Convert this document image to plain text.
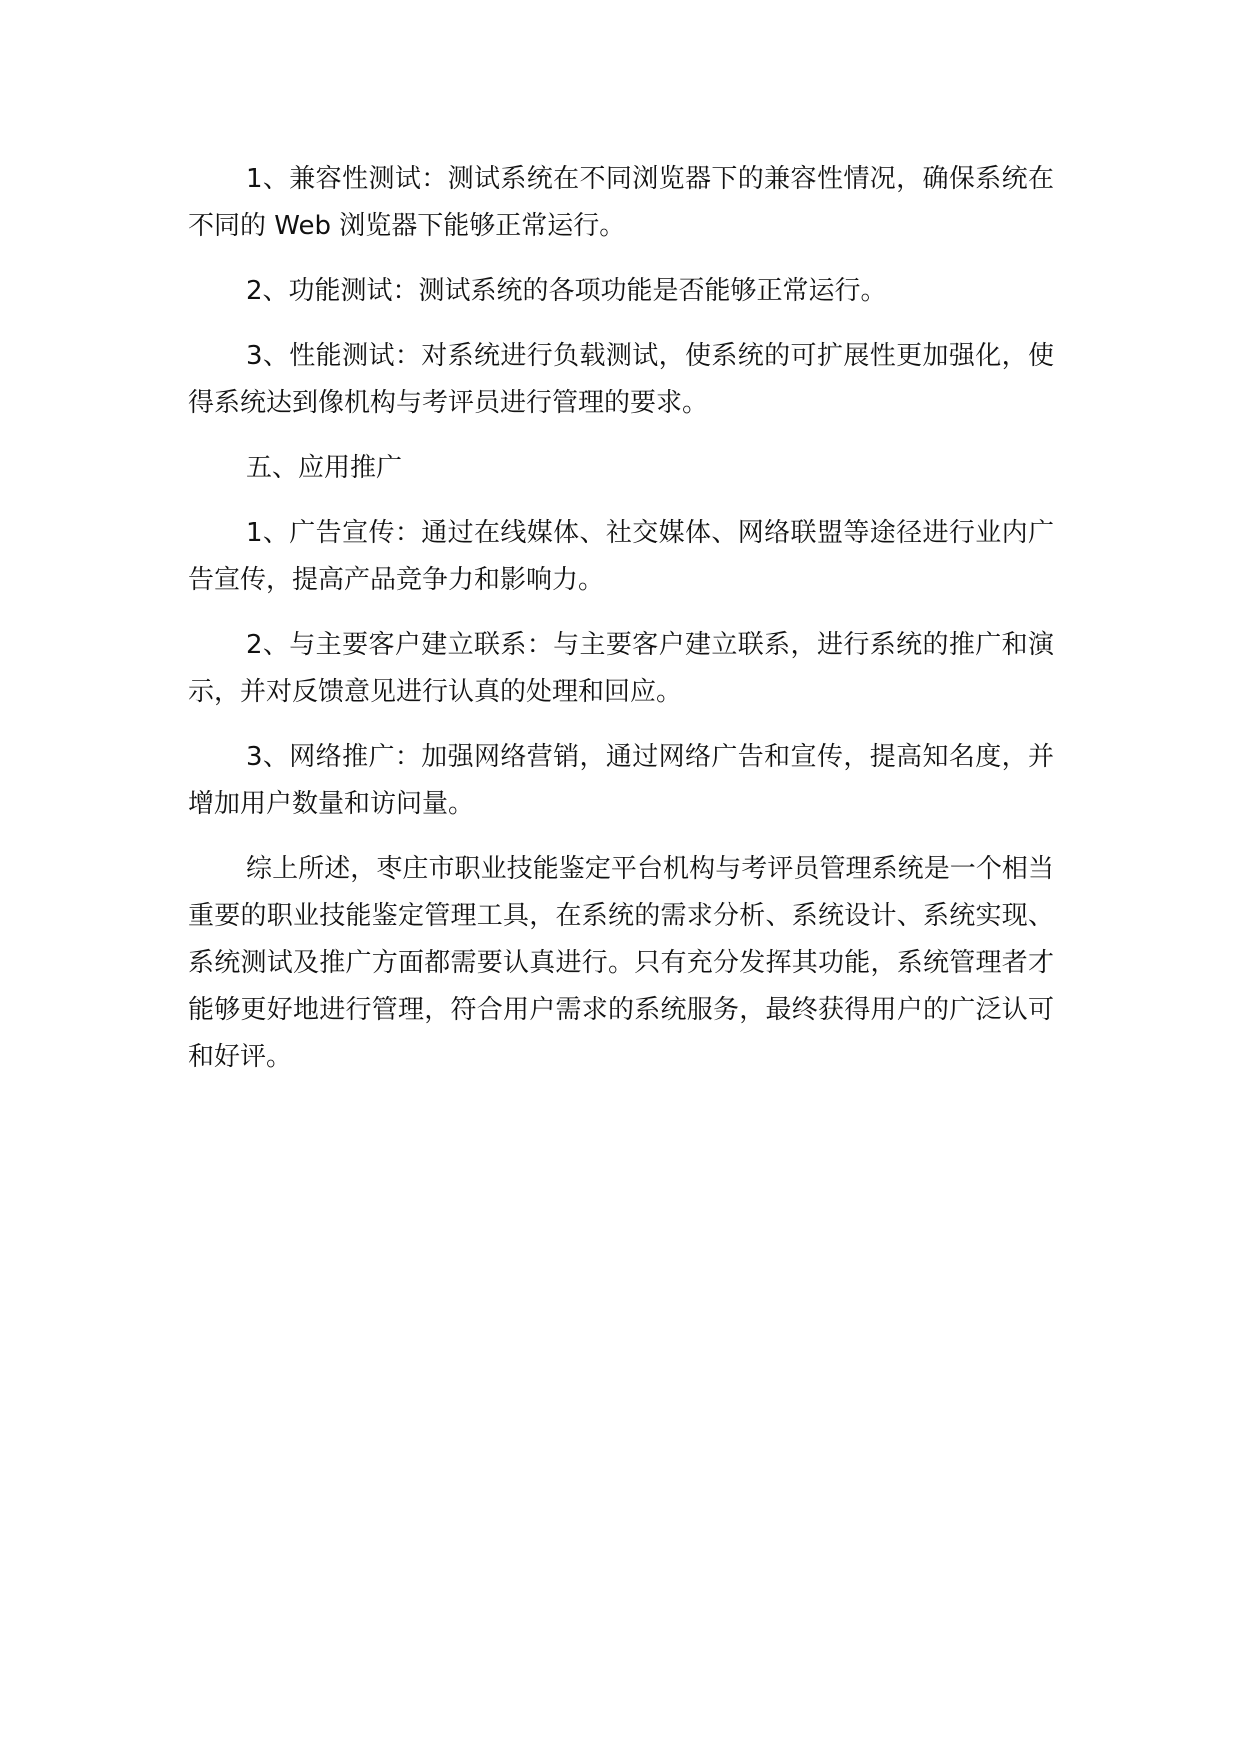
1、兼容性测试：测试系统在不同浏览器下的兼容性情况，确保系统在不同的 Web 浏览器下能够正常运行。

2、功能测试：测试系统的各项功能是否能够正常运行。

3、性能测试：对系统进行负载测试，使系统的可扩展性更加强化，使得系统达到像机构与考评员进行管理的要求。

五、应用推广

1、广告宣传：通过在线媒体、社交媒体、网络联盟等途径进行业内广告宣传，提高产品竞争力和影响力。

2、与主要客户建立联系：与主要客户建立联系，进行系统的推广和演示，并对反馈意见进行认真的处理和回应。

3、网络推广：加强网络营销，通过网络广告和宣传，提高知名度，并增加用户数量和访问量。

综上所述，枣庄市职业技能鉴定平台机构与考评员管理系统是一个相当重要的职业技能鉴定管理工具，在系统的需求分析、系统设计、系统实现、系统测试及推广方面都需要认真进行。只有充分发挥其功能，系统管理者才能够更好地进行管理，符合用户需求的系统服务，最终获得用户的广泛认可和好评。
